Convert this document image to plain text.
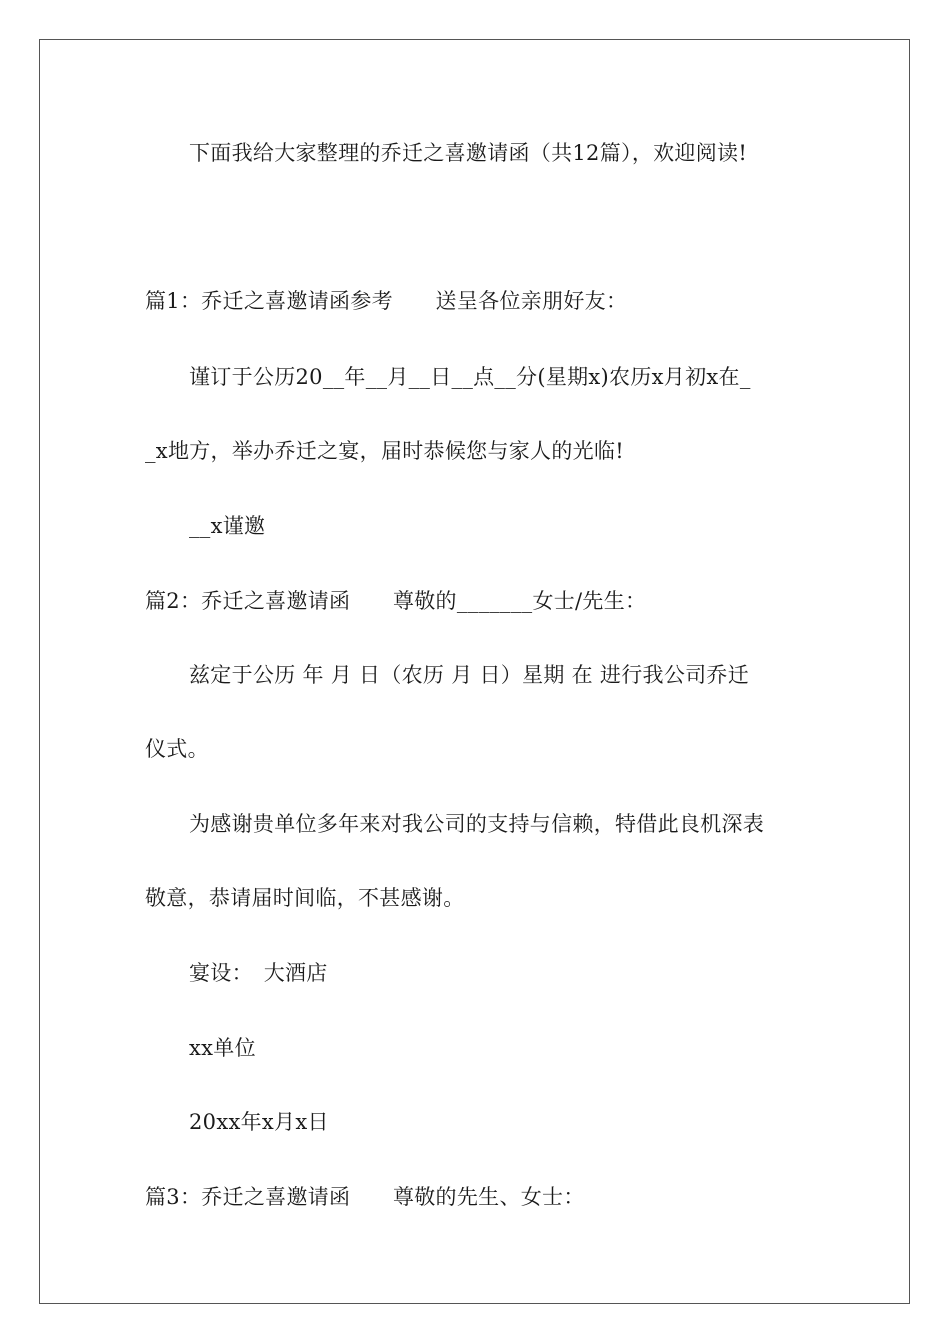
下面我给大家整理的乔迁之喜邀请函（共12篇），欢迎阅读!
篇1：乔迁之喜邀请函参考　　送呈各位亲朋好友：
谨订于公历20__年__月__日__点__分(星期x)农历x月初x在_
_x地方，举办乔迁之宴，届时恭候您与家人的光临!
__x谨邀
篇2：乔迁之喜邀请函　　尊敬的_______女士/先生：
兹定于公历 年 月 日（农历 月 日）星期 在 进行我公司乔迁
仪式。
为感谢贵单位多年来对我公司的支持与信赖，特借此良机深表
敬意，恭请届时间临，不甚感谢。
宴设：　大酒店
xx单位
20xx年x月x日
篇3：乔迁之喜邀请函　　尊敬的先生、女士：
